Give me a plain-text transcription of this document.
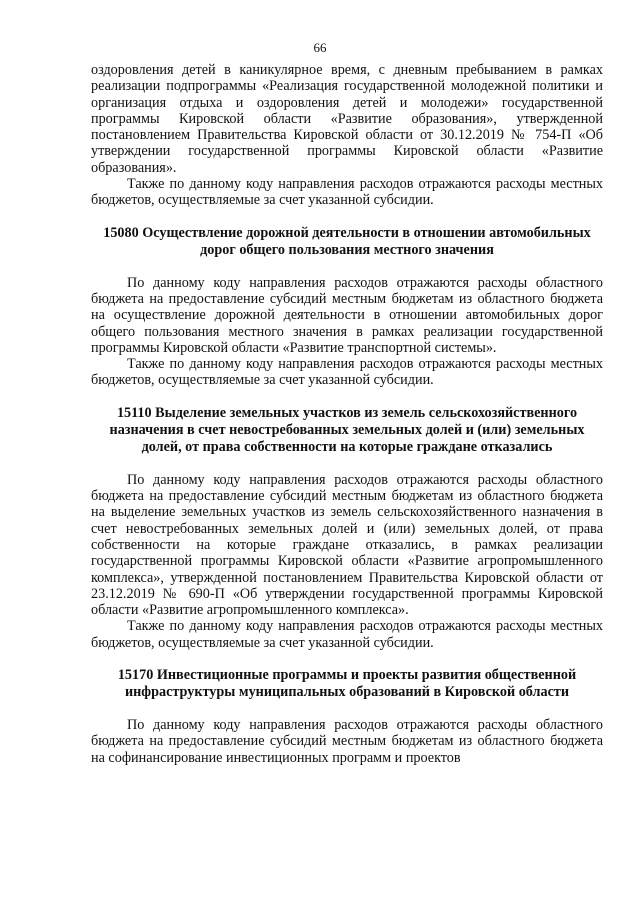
66

оздоровления детей в каникулярное время, с дневным пребыванием в рамках реализации подпрограммы «Реализация государственной молодежной политики и организация отдыха и оздоровления детей и молодежи» государственной программы Кировской области «Развитие образования», утвержденной постановлением Правительства Кировской области от 30.12.2019 № 754-П «Об утверждении государственной программы Кировской области «Развитие образования».

Также по данному коду направления расходов отражаются расходы местных бюджетов, осуществляемые за счет указанной субсидии.

15080 Осуществление дорожной деятельности в отношении автомобильных дорог общего пользования местного значения

По данному коду направления расходов отражаются расходы областного бюджета на предоставление субсидий местным бюджетам из областного бюджета на осуществление дорожной деятельности в отношении автомобильных дорог общего пользования местного значения в рамках реализации государственной программы Кировской области «Развитие транспортной системы».

Также по данному коду направления расходов отражаются расходы местных бюджетов, осуществляемые за счет указанной субсидии.

15110 Выделение земельных участков из земель сельскохозяйственного назначения в счет невостребованных земельных долей и (или) земельных долей, от права собственности на которые граждане отказались

По данному коду направления расходов отражаются расходы областного бюджета на предоставление субсидий местным бюджетам из областного бюджета на выделение земельных участков из земель сельскохозяйственного назначения в счет невостребованных земельных долей и (или) земельных долей, от права собственности на которые граждане отказались, в рамках реализации государственной программы Кировской области «Развитие агропромышленного комплекса», утвержденной постановлением Правительства Кировской области от 23.12.2019 № 690-П «Об утверждении государственной программы Кировской области «Развитие агропромышленного комплекса».

Также по данному коду направления расходов отражаются расходы местных бюджетов, осуществляемые за счет указанной субсидии.

15170 Инвестиционные программы и проекты развития общественной инфраструктуры муниципальных образований в Кировской области

По данному коду направления расходов отражаются расходы областного бюджета на предоставление субсидий местным бюджетам из областного бюджета на софинансирование инвестиционных программ и проектов
